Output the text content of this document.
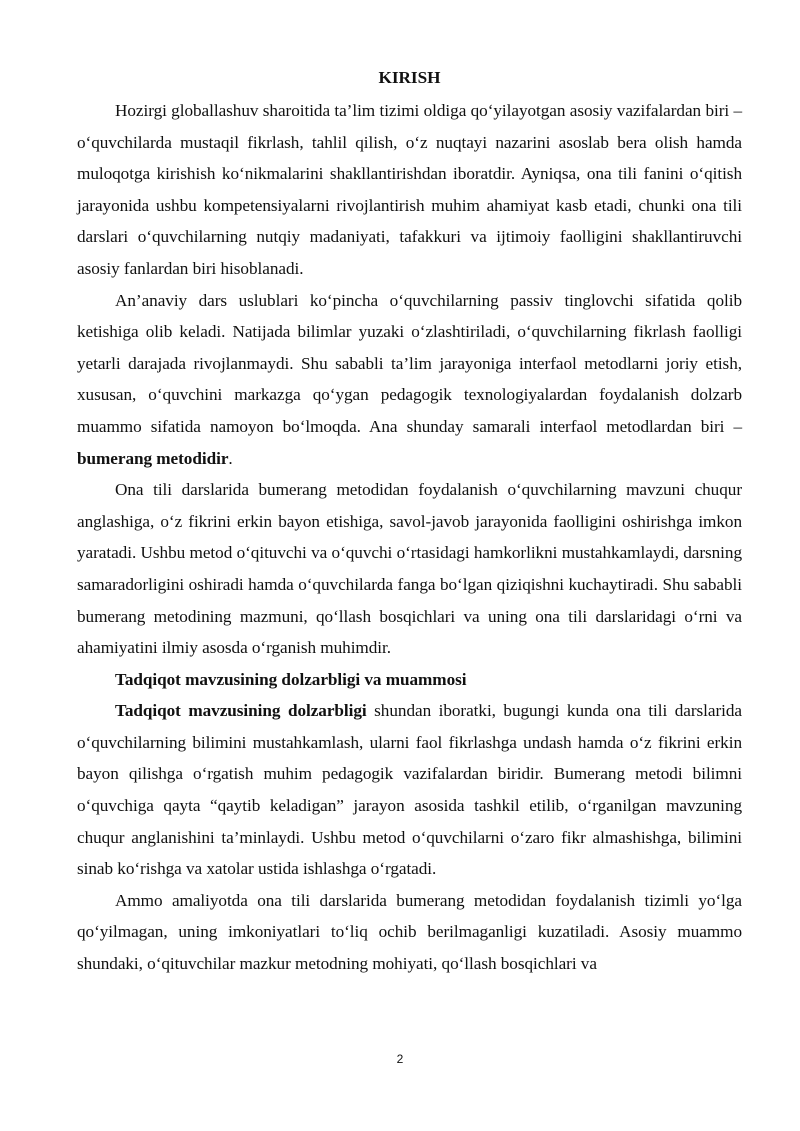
KIRISH

Hozirgi globallashuv sharoitida ta’lim tizimi oldiga qo‘yilayotgan asosiy vazifalardan biri – o‘quvchilarda mustaqil fikrlash, tahlil qilish, o‘z nuqtayi nazarini asoslab bera olish hamda muloqotga kirishish ko‘nikmalarini shakllantirishdan iboratdir. Ayniqsa, ona tili fanini o‘qitish jarayonida ushbu kompetensiyalarni rivojlantirish muhim ahamiyat kasb etadi, chunki ona tili darslari o‘quvchilarning nutqiy madaniyati, tafakkuri va ijtimoiy faolligini shakllantiruvchi asosiy fanlardan biri hisoblanadi.

An’anaviy dars uslublari ko‘pincha o‘quvchilarning passiv tinglovchi sifatida qolib ketishiga olib keladi. Natijada bilimlar yuzaki o‘zlashtiriladi, o‘quvchilarning fikrlash faolligi yetarli darajada rivojlanmaydi. Shu sababli ta’lim jarayoniga interfaol metodlarni joriy etish, xususan, o‘quvchini markazga qo‘ygan pedagogik texnologiyalardan foydalanish dolzarb muammo sifatida namoyon bo‘lmoqda. Ana shunday samarali interfaol metodlardan biri – bumerang metodidir.

Ona tili darslarida bumerang metodidan foydalanish o‘quvchilarning mavzuni chuqur anglashiga, o‘z fikrini erkin bayon etishiga, savol-javob jarayonida faolligini oshirishga imkon yaratadi. Ushbu metod o‘qituvchi va o‘quvchi o‘rtasidagi hamkorlikni mustahkamlaydi, darsning samaradorligini oshiradi hamda o‘quvchilarda fanga bo‘lgan qiziqishni kuchaytiradi. Shu sababli bumerang metodining mazmuni, qo‘llash bosqichlari va uning ona tili darslaridagi o‘rni va ahamiyatini ilmiy asosda o‘rganish muhimdir.

Tadqiqot mavzusining dolzarbligi va muammosi

Tadqiqot mavzusining dolzarbligi shundan iboratki, bugungi kunda ona tili darslarida o‘quvchilarning bilimini mustahkamlash, ularni faol fikrlashga undash hamda o‘z fikrini erkin bayon qilishga o‘rgatish muhim pedagogik vazifalardan biridir. Bumerang metodi bilimni o‘quvchiga qayta “qaytib keladigan” jarayon asosida tashkil etilib, o‘rganilgan mavzuning chuqur anglanishini ta’minlaydi. Ushbu metod o‘quvchilarni o‘zaro fikr almashishga, bilimini sinab ko‘rishga va xatolar ustida ishlashga o‘rgatadi.

Ammo amaliyotda ona tili darslarida bumerang metodidan foydalanish tizimli yo‘lga qo‘yilmagan, uning imkoniyatlari to‘liq ochib berilmaganligi kuzatiladi. Asosiy muammo shundaki, o‘qituvchilar mazkur metodning mohiyati, qo‘llash bosqichlari va

2
